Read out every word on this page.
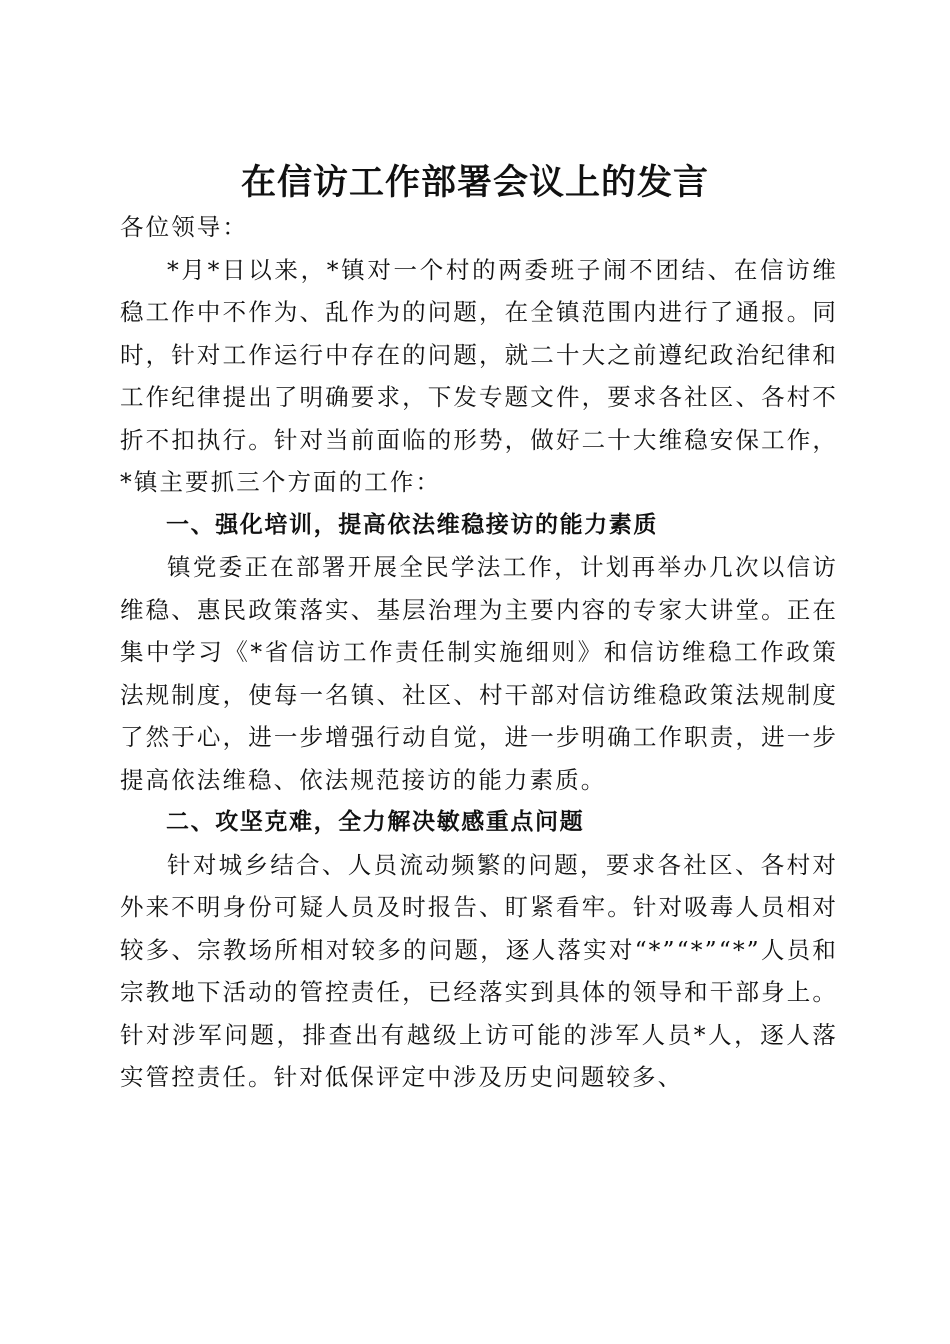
在信访工作部署会议上的发言

各位领导：

*月*日以来，*镇对一个村的两委班子闹不团结、在信访维稳工作中不作为、乱作为的问题，在全镇范围内进行了通报。同时，针对工作运行中存在的问题，就二十大之前遵纪政治纪律和工作纪律提出了明确要求，下发专题文件，要求各社区、各村不折不扣执行。针对当前面临的形势，做好二十大维稳安保工作，*镇主要抓三个方面的工作：

一、强化培训，提高依法维稳接访的能力素质

镇党委正在部署开展全民学法工作，计划再举办几次以信访维稳、惠民政策落实、基层治理为主要内容的专家大讲堂。正在集中学习《*省信访工作责任制实施细则》和信访维稳工作政策法规制度，使每一名镇、社区、村干部对信访维稳政策法规制度了然于心，进一步增强行动自觉，进一步明确工作职责，进一步提高依法维稳、依法规范接访的能力素质。

二、攻坚克难，全力解决敏感重点问题

针对城乡结合、人员流动频繁的问题，要求各社区、各村对外来不明身份可疑人员及时报告、盯紧看牢。针对吸毒人员相对较多、宗教场所相对较多的问题，逐人落实对“*”“*”“*”人员和宗教地下活动的管控责任，已经落实到具体的领导和干部身上。针对涉军问题，排查出有越级上访可能的涉军人员*人，逐人落实管控责任。针对低保评定中涉及历史问题较多、
